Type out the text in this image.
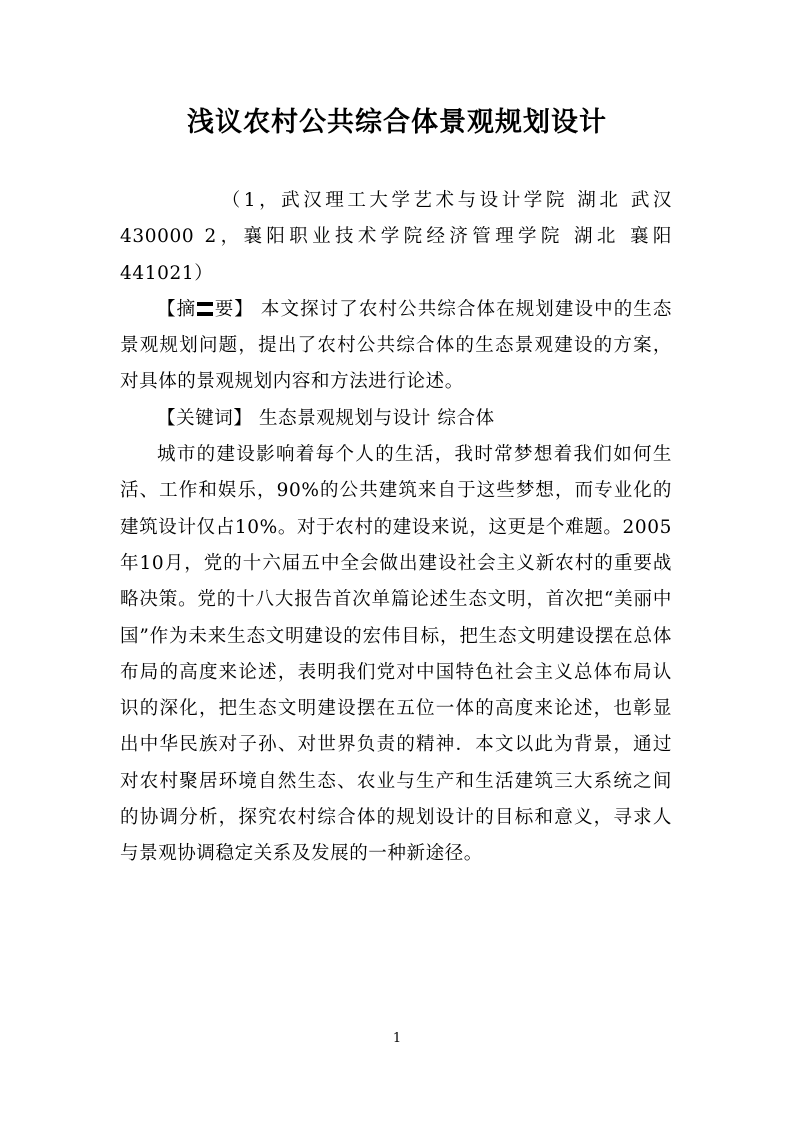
浅议农村公共综合体景观规划设计

（1，武汉理工大学艺术与设计学院 湖北 武汉430000 2，襄阳职业技术学院经济管理学院 湖北 襄阳441021）

【摘 要】 本文探讨了农村公共综合体在规划建设中的生态景观规划问题，提出了农村公共综合体的生态景观建设的方案，对具体的景观规划内容和方法进行论述。

【关键词】 生态景观规划与设计 综合体

城市的建设影响着每个人的生活，我时常梦想着我们如何生活、工作和娱乐，90%的公共建筑来自于这些梦想，而专业化的建筑设计仅占10%。对于农村的建设来说，这更是个难题。2005年10月，党的十六届五中全会做出建设社会主义新农村的重要战略决策。党的十八大报告首次单篇论述生态文明，首次把“美丽中国”作为未来生态文明建设的宏伟目标，把生态文明建设摆在总体布局的高度来论述，表明我们党对中国特色社会主义总体布局认识的深化，把生态文明建设摆在五位一体的高度来论述，也彰显出中华民族对子孙、对世界负责的精神．本文以此为背景，通过对农村聚居环境自然生态、农业与生产和生活建筑三大系统之间的协调分析，探究农村综合体的规划设计的目标和意义，寻求人与景观协调稳定关系及发展的一种新途径。

1
